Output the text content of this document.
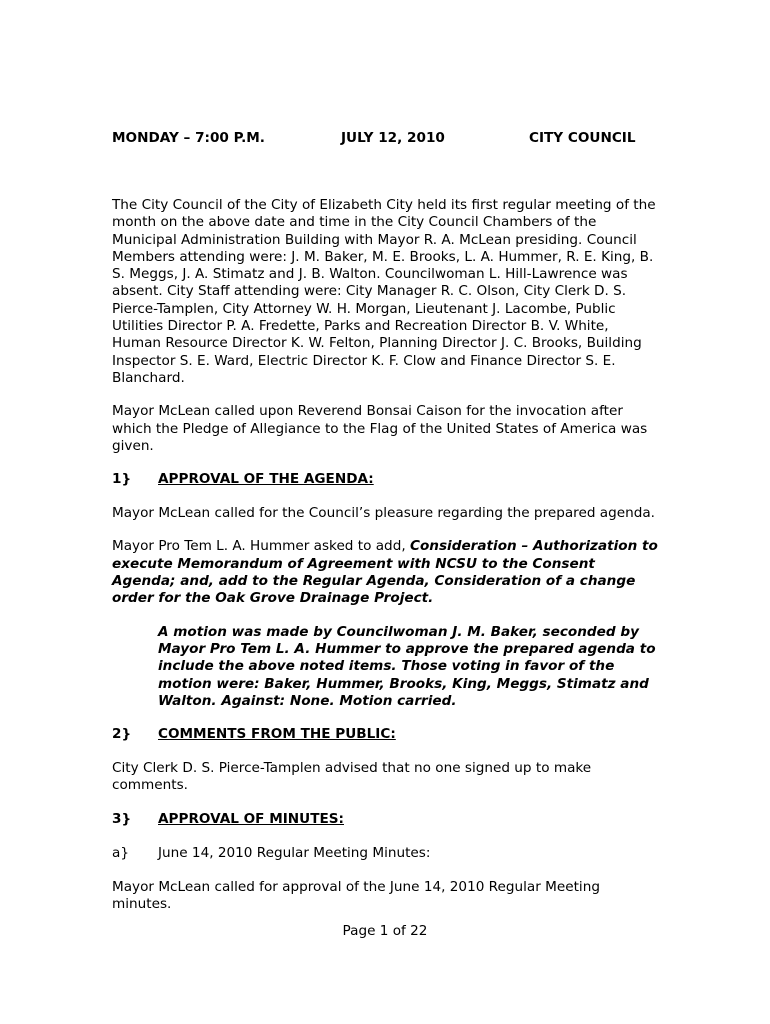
MONDAY – 7:00 P.M.	JULY 12, 2010	CITY COUNCIL

The City Council of the City of Elizabeth City held its first regular meeting of the month on the above date and time in the City Council Chambers of the Municipal Administration Building with Mayor R. A. McLean presiding. Council Members attending were: J. M. Baker, M. E. Brooks, L. A. Hummer, R. E. King, B. S. Meggs, J. A. Stimatz and J. B. Walton. Councilwoman L. Hill-Lawrence was absent. City Staff attending were: City Manager R. C. Olson, City Clerk D. S. Pierce-Tamplen, City Attorney W. H. Morgan, Lieutenant J. Lacombe, Public Utilities Director P. A. Fredette, Parks and Recreation Director B. V. White, Human Resource Director K. W. Felton, Planning Director J. C. Brooks, Building Inspector S. E. Ward, Electric Director K. F. Clow and Finance Director S. E. Blanchard.

Mayor McLean called upon Reverend Bonsai Caison for the invocation after which the Pledge of Allegiance to the Flag of the United States of America was given.

1} APPROVAL OF THE AGENDA:

Mayor McLean called for the Council’s pleasure regarding the prepared agenda.

Mayor Pro Tem L. A. Hummer asked to add, Consideration – Authorization to execute Memorandum of Agreement with NCSU to the Consent Agenda; and, add to the Regular Agenda, Consideration of a change order for the Oak Grove Drainage Project.

A motion was made by Councilwoman J. M. Baker, seconded by Mayor Pro Tem L. A. Hummer to approve the prepared agenda to include the above noted items. Those voting in favor of the motion were: Baker, Hummer, Brooks, King, Meggs, Stimatz and Walton. Against: None. Motion carried.

2} COMMENTS FROM THE PUBLIC:

City Clerk D. S. Pierce-Tamplen advised that no one signed up to make comments.

3} APPROVAL OF MINUTES:
a} June 14, 2010 Regular Meeting Minutes:

Mayor McLean called for approval of the June 14, 2010 Regular Meeting minutes.

Page 1 of 22
